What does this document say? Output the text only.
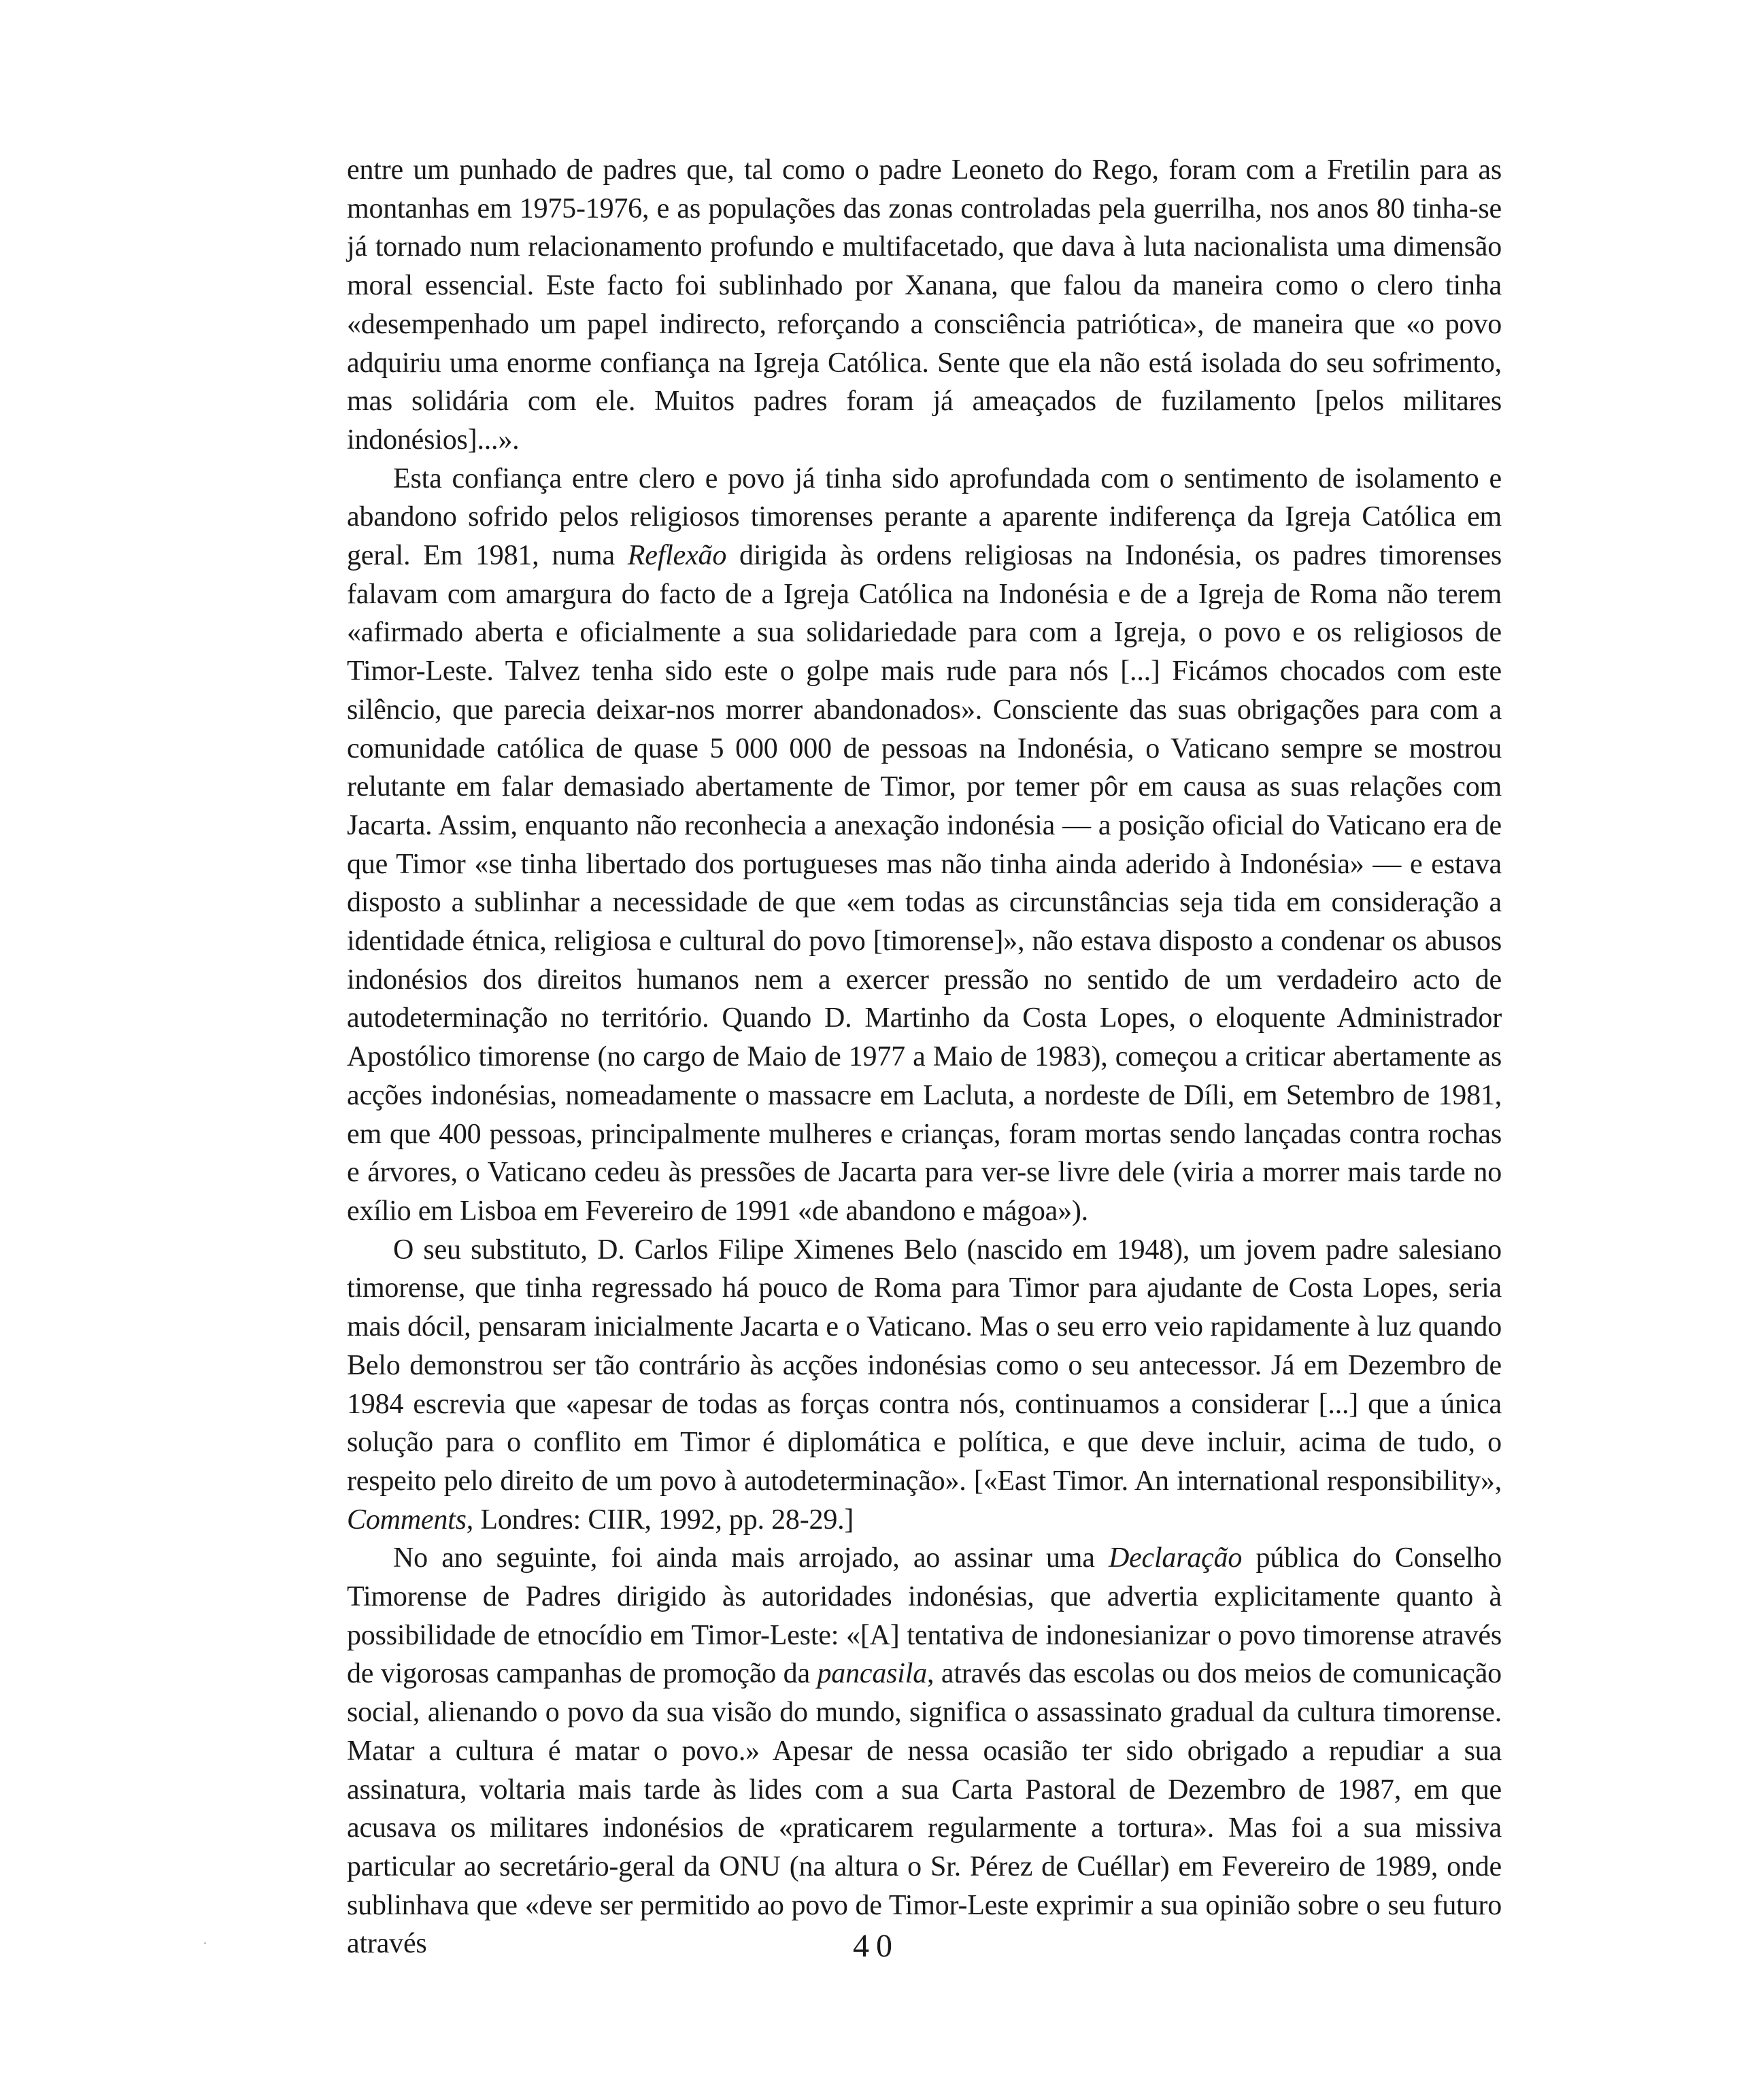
entre um punhado de padres que, tal como o padre Leoneto do Rego, foram com a Fretilin para as montanhas em 1975-1976, e as populações das zonas controladas pela guerrilha, nos anos 80 tinha-se já tornado num relacionamento profundo e multifacetado, que dava à luta nacionalista uma dimensão moral essencial. Este facto foi sublinhado por Xanana, que falou da maneira como o clero tinha «desempenhado um papel indirecto, reforçando a consciência patriótica», de maneira que «o povo adquiriu uma enorme confiança na Igreja Católica. Sente que ela não está isolada do seu sofrimento, mas solidária com ele. Muitos padres foram já ameaçados de fuzilamento [pelos militares indonésios]...».

Esta confiança entre clero e povo já tinha sido aprofundada com o sentimento de isolamento e abandono sofrido pelos religiosos timorenses perante a aparente indiferença da Igreja Católica em geral. Em 1981, numa Reflexão dirigida às ordens religiosas na Indonésia, os padres timorenses falavam com amargura do facto de a Igreja Católica na Indonésia e de a Igreja de Roma não terem «afirmado aberta e oficialmente a sua solidariedade para com a Igreja, o povo e os religiosos de Timor-Leste. Talvez tenha sido este o golpe mais rude para nós [...] Ficámos chocados com este silêncio, que parecia deixar-nos morrer abandonados». Consciente das suas obrigações para com a comunidade católica de quase 5 000 000 de pessoas na Indonésia, o Vaticano sempre se mostrou relutante em falar demasiado abertamente de Timor, por temer pôr em causa as suas relações com Jacarta. Assim, enquanto não reconhecia a anexação indonésia — a posição oficial do Vaticano era de que Timor «se tinha libertado dos portugueses mas não tinha ainda aderido à Indonésia» — e estava disposto a sublinhar a necessidade de que «em todas as circunstâncias seja tida em consideração a identidade étnica, religiosa e cultural do povo [timorense]», não estava disposto a condenar os abusos indonésios dos direitos humanos nem a exercer pressão no sentido de um verdadeiro acto de autodeterminação no território. Quando D. Martinho da Costa Lopes, o eloquente Administrador Apostólico timorense (no cargo de Maio de 1977 a Maio de 1983), começou a criticar abertamente as acções indonésias, nomeadamente o massacre em Lacluta, a nordeste de Díli, em Setembro de 1981, em que 400 pessoas, principalmente mulheres e crianças, foram mortas sendo lançadas contra rochas e árvores, o Vaticano cedeu às pressões de Jacarta para ver-se livre dele (viria a morrer mais tarde no exílio em Lisboa em Fevereiro de 1991 «de abandono e mágoa»).

O seu substituto, D. Carlos Filipe Ximenes Belo (nascido em 1948), um jovem padre salesiano timorense, que tinha regressado há pouco de Roma para Timor para ajudante de Costa Lopes, seria mais dócil, pensaram inicialmente Jacarta e o Vaticano. Mas o seu erro veio rapidamente à luz quando Belo demonstrou ser tão contrário às acções indonésias como o seu antecessor. Já em Dezembro de 1984 escrevia que «apesar de todas as forças contra nós, continuamos a considerar [...] que a única solução para o conflito em Timor é diplomática e política, e que deve incluir, acima de tudo, o respeito pelo direito de um povo à autodeterminação». [«East Timor. An international responsibility», Comments, Londres: CIIR, 1992, pp. 28-29.]

No ano seguinte, foi ainda mais arrojado, ao assinar uma Declaração pública do Conselho Timorense de Padres dirigido às autoridades indonésias, que advertia explicitamente quanto à possibilidade de etnocídio em Timor-Leste: «[A] tentativa de indonesianizar o povo timorense através de vigorosas campanhas de promoção da pancasila, através das escolas ou dos meios de comunicação social, alienando o povo da sua visão do mundo, significa o assassinato gradual da cultura timorense. Matar a cultura é matar o povo.» Apesar de nessa ocasião ter sido obrigado a repudiar a sua assinatura, voltaria mais tarde às lides com a sua Carta Pastoral de Dezembro de 1987, em que acusava os militares indonésios de «praticarem regularmente a tortura». Mas foi a sua missiva particular ao secretário-geral da ONU (na altura o Sr. Pérez de Cuéllar) em Fevereiro de 1989, onde sublinhava que «deve ser permitido ao povo de Timor-Leste exprimir a sua opinião sobre o seu futuro através	40
